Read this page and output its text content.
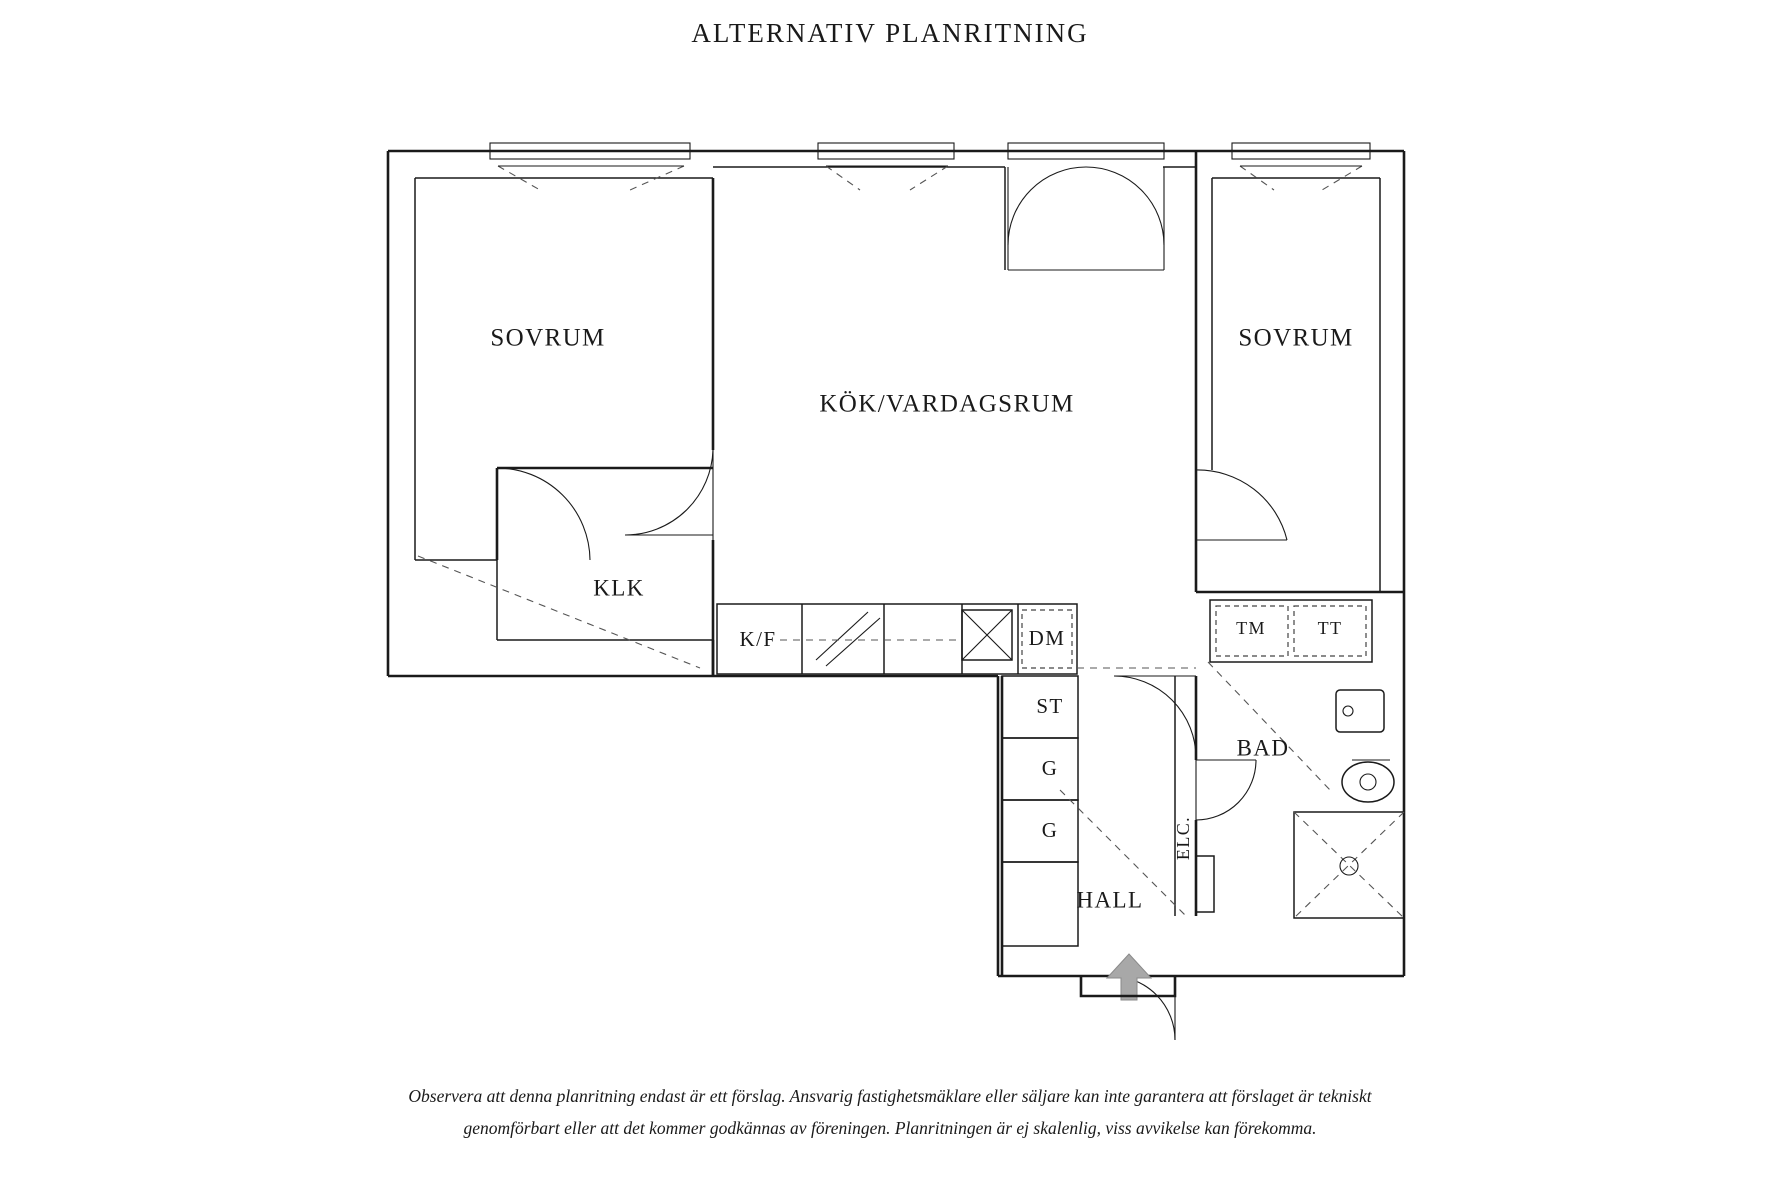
ALTERNATIV PLANRITNING
SOVRUM
KÖK/VARDAGSRUM
SOVRUM
KLK
HALL
BAD
K/F	DM
ST
G
G
TM	TT
ELC.
Observera att denna planritning endast är ett förslag. Ansvarig fastighetsmäklare eller säljare kan inte garantera att förslaget är tekniskt
genomförbart eller att det kommer godkännas av föreningen. Planritningen är ej skalenlig, viss avvikelse kan förekomma.
